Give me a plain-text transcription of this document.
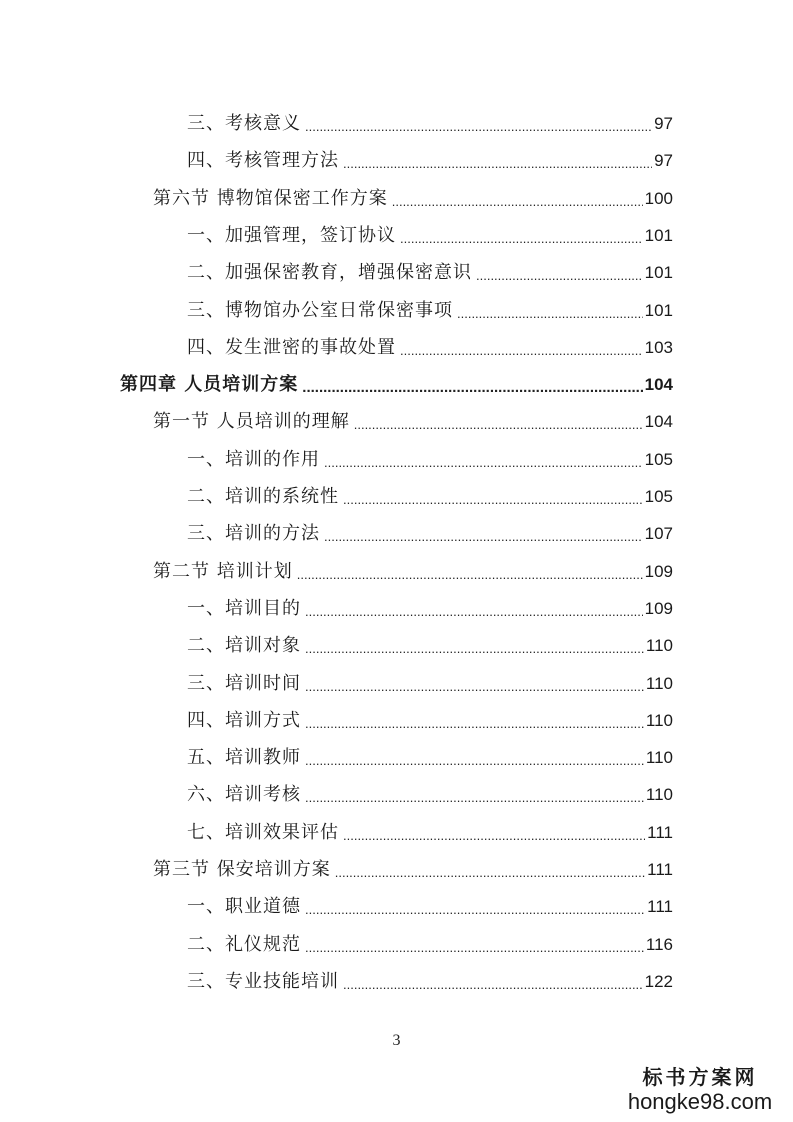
三、考核意义 .....	97
四、考核管理方法 .....	97
第六节 博物馆保密工作方案 .....	100
一、加强管理，签订协议 .....	101
二、加强保密教育，增强保密意识 .....	101
三、博物馆办公室日常保密事项 .....	101
四、发生泄密的事故处置 .....	103
第四章 人员培训方案 .....	104
第一节 人员培训的理解 .....	104
一、培训的作用 .....	105
二、培训的系统性 .....	105
三、培训的方法 .....	107
第二节 培训计划 .....	109
一、培训目的 .....	109
二、培训对象 .....	110
三、培训时间 .....	110
四、培训方式 .....	110
五、培训教师 .....	110
六、培训考核 .....	110
七、培训效果评估 .....	111
第三节 保安培训方案 .....	111
一、职业道德 .....	111
二、礼仪规范 .....	116
三、专业技能培训 .....	122
3
标书方案网
hongke98.com
